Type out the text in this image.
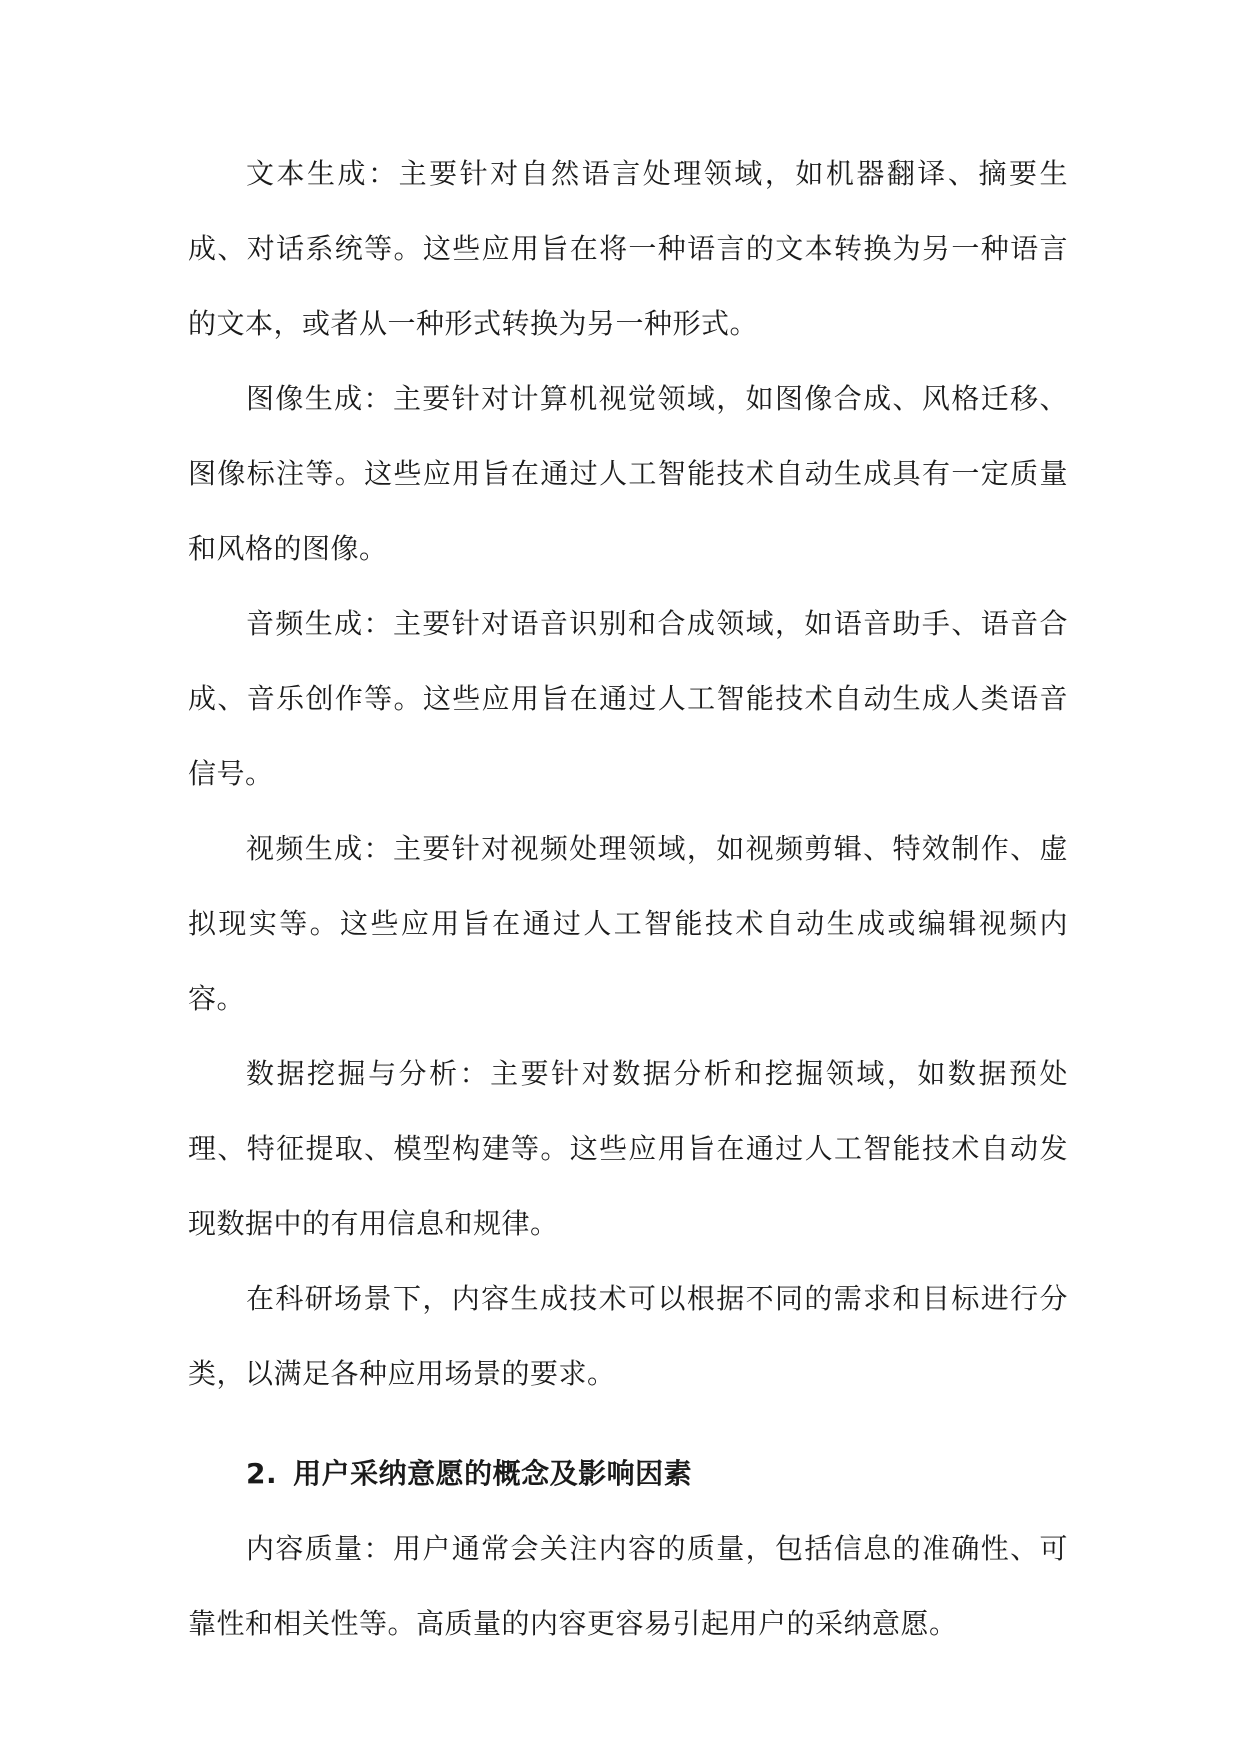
文本生成：主要针对自然语言处理领域，如机器翻译、摘要生成、对话系统等。这些应用旨在将一种语言的文本转换为另一种语言的文本，或者从一种形式转换为另一种形式。

图像生成：主要针对计算机视觉领域，如图像合成、风格迁移、图像标注等。这些应用旨在通过人工智能技术自动生成具有一定质量和风格的图像。

音频生成：主要针对语音识别和合成领域，如语音助手、语音合成、音乐创作等。这些应用旨在通过人工智能技术自动生成人类语音信号。

视频生成：主要针对视频处理领域，如视频剪辑、特效制作、虚拟现实等。这些应用旨在通过人工智能技术自动生成或编辑视频内容。

数据挖掘与分析：主要针对数据分析和挖掘领域，如数据预处理、特征提取、模型构建等。这些应用旨在通过人工智能技术自动发现数据中的有用信息和规律。

在科研场景下，内容生成技术可以根据不同的需求和目标进行分类，以满足各种应用场景的要求。

2. 用户采纳意愿的概念及影响因素

内容质量：用户通常会关注内容的质量，包括信息的准确性、可靠性和相关性等。高质量的内容更容易引起用户的采纳意愿。
